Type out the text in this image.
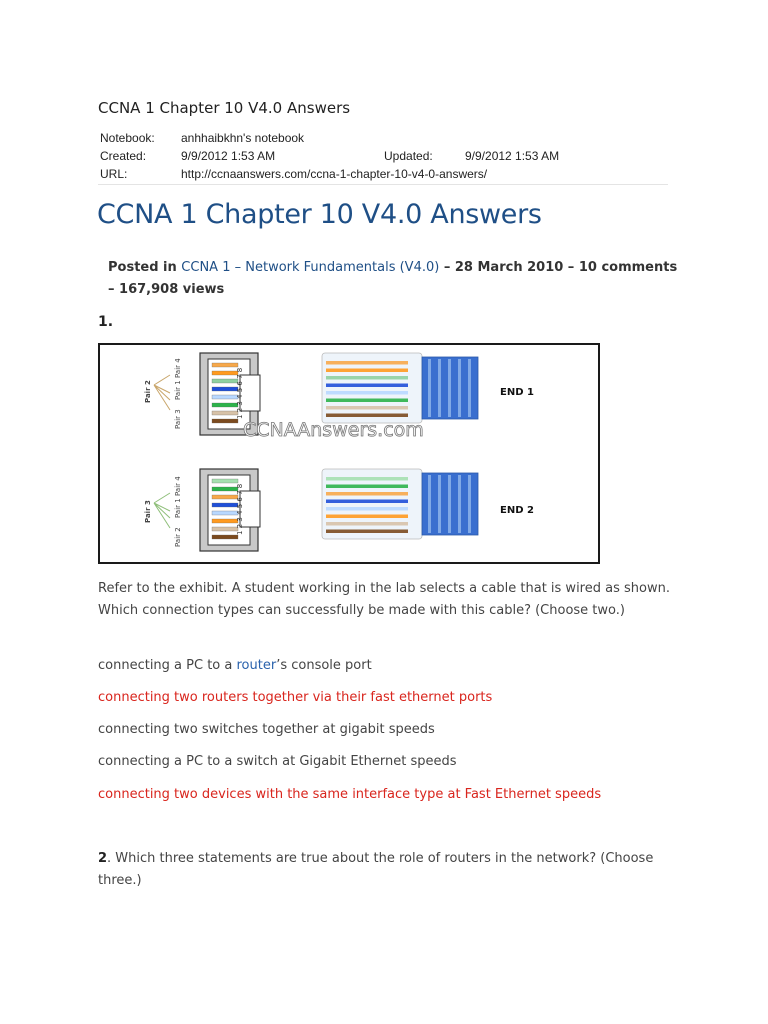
CCNA 1 Chapter 10 V4.0 Answers
Notebook: anhhaibkhn's notebook
Created:	9/9/2012 1:53 AM	Updated:	9/9/2012 1:53 AM
URL:	http://ccnaanswers.com/ccna-1-chapter-10-v4-0-answers/
CCNA 1 Chapter 10 V4.0 Answers
Posted in CCNA 1 – Network Fundamentals (V4.0) – 28 March 2010 – 10 comments
– 167,908 views
1.
Pair 2
Pair 3
Pair 1
Pair 4	1 2 3 4 5 6 7 8	END 1
CCNAAnswers.com
Pair 3
Pair 2
Pair 1
Pair 4	1 2 3 4 5 6 7 8	END 2
Refer to the exhibit. A student working in the lab selects a cable that is wired as shown. Which connection types can successfully be made with this cable? (Choose two.)
connecting a PC to a router’s console port
connecting two routers together via their fast ethernet ports
connecting two switches together at gigabit speeds
connecting a PC to a switch at Gigabit Ethernet speeds
connecting two devices with the same interface type at Fast Ethernet speeds
2. Which three statements are true about the role of routers in the network? (Choose three.)
